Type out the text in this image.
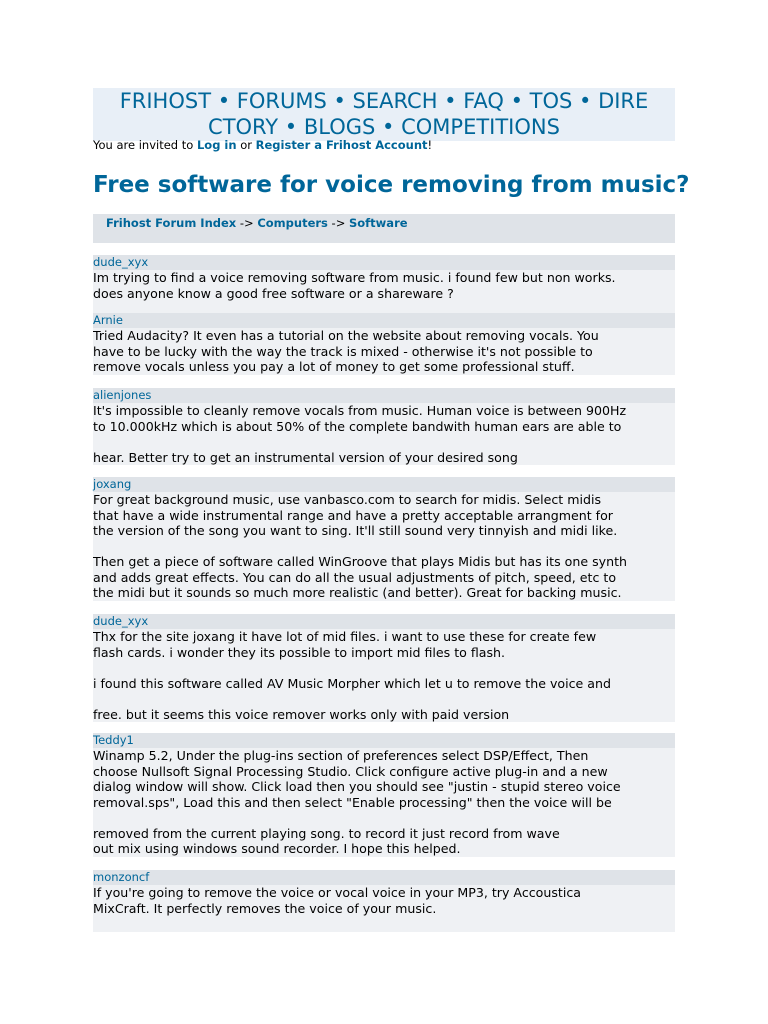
FRIHOST • FORUMS • SEARCH • FAQ • TOS • DIRE
CTORY • BLOGS • COMPETITIONS
You are invited to Log in or Register a Frihost Account!
Free software for voice removing from music?
Frihost Forum Index -> Computers -> Software
dude_xyx
Im trying to find a voice removing software from music. i found few but non works.
does anyone know a good free software or a shareware ?
Arnie
Tried Audacity? It even has a tutorial on the website about removing vocals. You
have to be lucky with the way the track is mixed - otherwise it's not possible to
remove vocals unless you pay a lot of money to get some professional stuff.
alienjones
It's impossible to cleanly remove vocals from music. Human voice is between 900Hz
to 10.000kHz which is about 50% of the complete bandwith human ears are able to
hear. Better try to get an instrumental version of your desired song
joxang
For great background music, use vanbasco.com to search for midis. Select midis
that have a wide instrumental range and have a pretty acceptable arrangment for
the version of the song you want to sing. It'll still sound very tinnyish and midi like.
Then get a piece of software called WinGroove that plays Midis but has its one synth
and adds great effects. You can do all the usual adjustments of pitch, speed, etc to
the midi but it sounds so much more realistic (and better). Great for backing music.
dude_xyx
Thx for the site joxang it have lot of mid files. i want to use these for create few
flash cards. i wonder they its possible to import mid files to flash.
i found this software called AV Music Morpher which let u to remove the voice and
free. but it seems this voice remover works only with paid version
Teddy1
Winamp 5.2, Under the plug-ins section of preferences select DSP/Effect, Then
choose Nullsoft Signal Processing Studio. Click configure active plug-in and a new
dialog window will show. Click load then you should see "justin - stupid stereo voice
removal.sps", Load this and then select "Enable processing" then the voice will be
removed from the current playing song. to record it just record from wave
out mix using windows sound recorder. I hope this helped.
monzoncf
If you're going to remove the voice or vocal voice in your MP3, try Accoustica
MixCraft. It perfectly removes the voice of your music.
